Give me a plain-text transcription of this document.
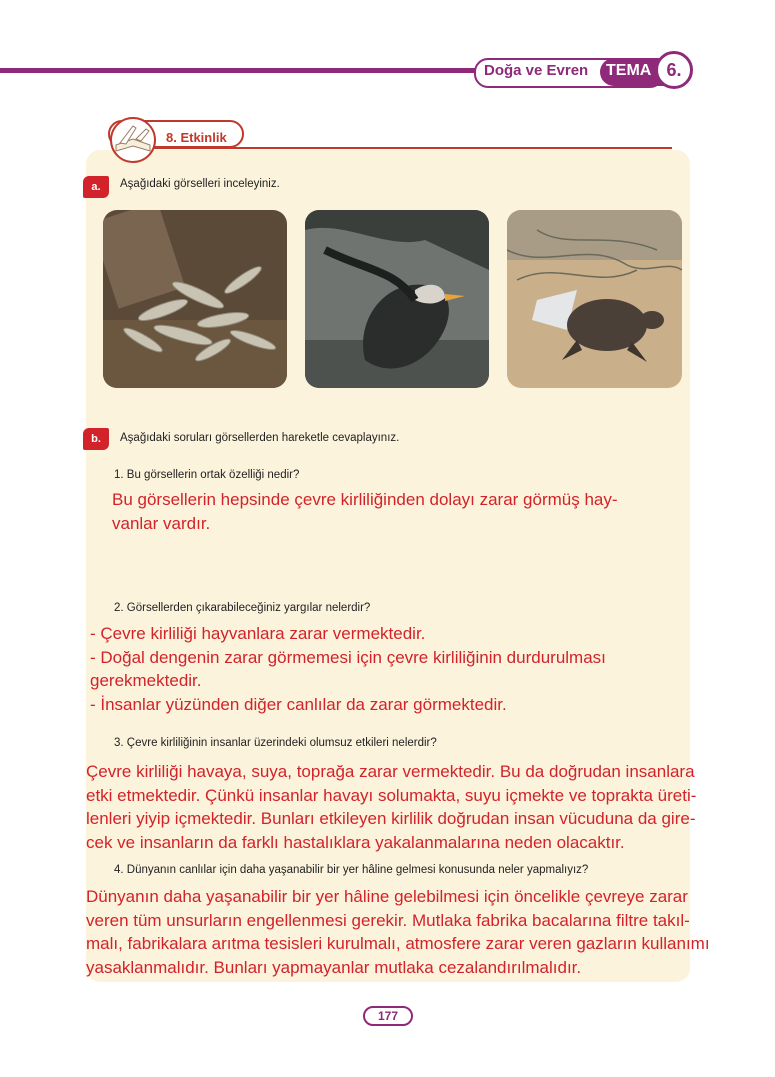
Doğa ve Evren TEMA 6.
8. Etkinlik
a.	Aşağıdaki görselleri inceleyiniz.
b.	Aşağıdaki soruları görsellerden hareketle cevaplayınız.
1. Bu görsellerin ortak özelliği nedir?
Bu görsellerin hepsinde çevre kirliliğinden dolayı zarar görmüş hay-
vanlar vardır.
2. Görsellerden çıkarabileceğiniz yargılar nelerdir?
- Çevre kirliliği hayvanlara zarar vermektedir.
- Doğal dengenin zarar görmemesi için çevre kirliliğinin durdurulması
gerekmektedir.
- İnsanlar yüzünden diğer canlılar da zarar görmektedir.
3. Çevre kirliliğinin insanlar üzerindeki olumsuz etkileri nelerdir?
Çevre kirliliği havaya, suya, toprağa zarar vermektedir. Bu da doğrudan insanlara
etki etmektedir. Çünkü insanlar havayı solumakta, suyu içmekte ve toprakta üreti-
lenleri yiyip içmektedir. Bunları etkileyen kirlilik doğrudan insan vücuduna da gire-
cek ve insanların da farklı hastalıklara yakalanmalarına neden olacaktır.
4. Dünyanın canlılar için daha yaşanabilir bir yer hâline gelmesi konusunda neler yapmalıyız?
Dünyanın daha yaşanabilir bir yer hâline gelebilmesi için öncelikle çevreye zarar
veren tüm unsurların engellenmesi gerekir. Mutlaka fabrika bacalarına filtre takıl-
malı, fabrikalara arıtma tesisleri kurulmalı, atmosfere zarar veren gazların kullanımı
yasaklanmalıdır. Bunları yapmayanlar mutlaka cezalandırılmalıdır.
177
